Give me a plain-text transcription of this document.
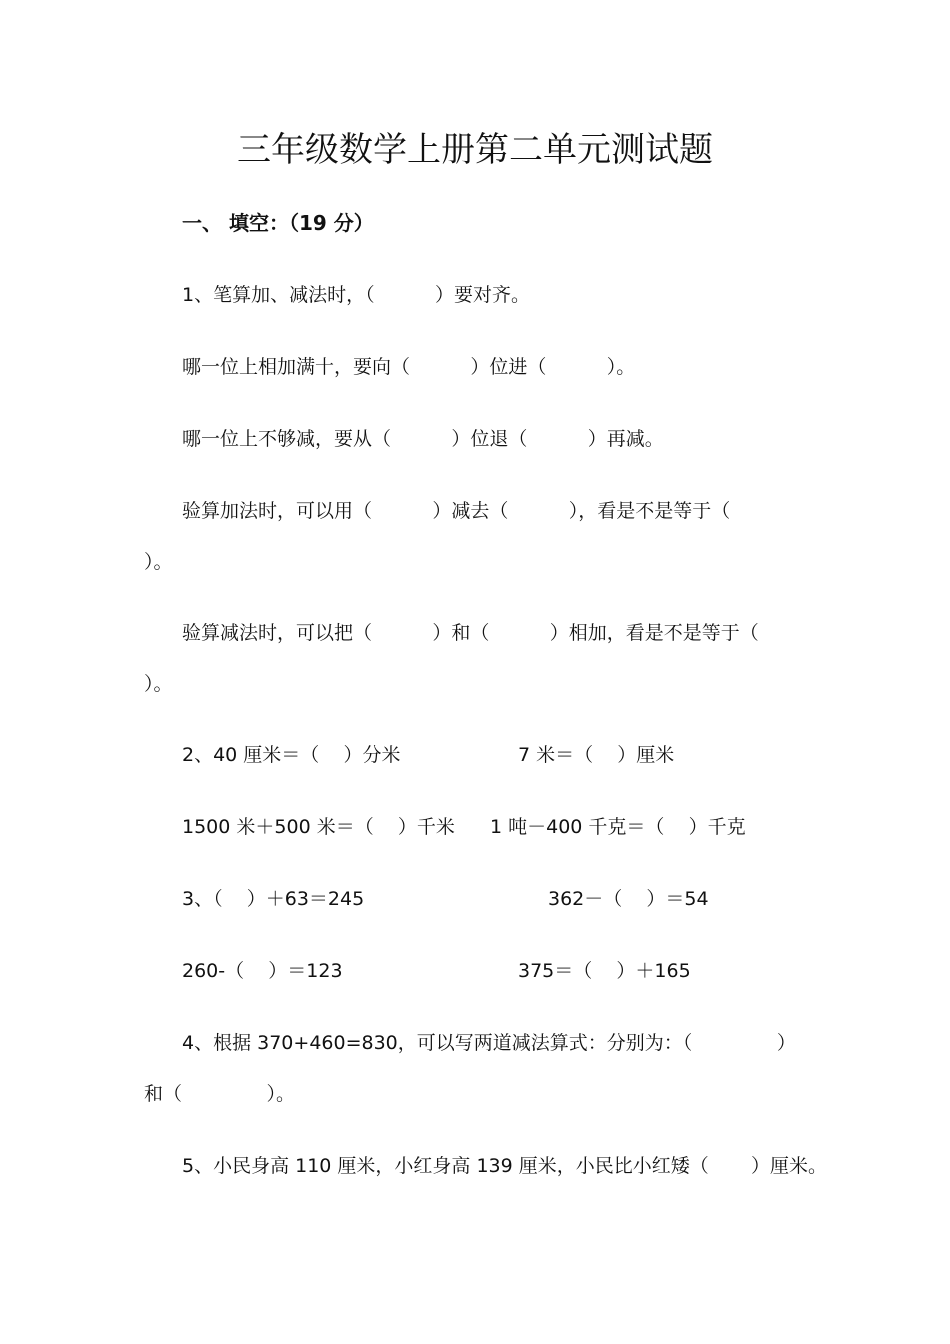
三年级数学上册第二单元测试题
一、 填空：（19 分）
1、笔算加、减法时，（          ）要对齐。
哪一位上相加满十，要向（          ）位进（          ）。
哪一位上不够减，要从（          ）位退（          ）再减。
验算加法时，可以用（          ）减去（          ），看是不是等于（
）。
验算减法时，可以把（          ）和（          ）相加，看是不是等于（
）。
2、40 厘米＝（    ）分米	7 米＝（    ）厘米
1500 米＋500 米＝（    ）千米 1 吨－400 千克＝（    ）千克
3、（    ）＋63＝245	362－（    ）＝54
260-（    ）＝123	375＝（    ）＋165
4、根据 370+460=830，可以写两道减法算式：分别为：（              ）
和（              ）。
5、小民身高 110 厘米，小红身高 139 厘米，小民比小红矮（       ）厘米。
